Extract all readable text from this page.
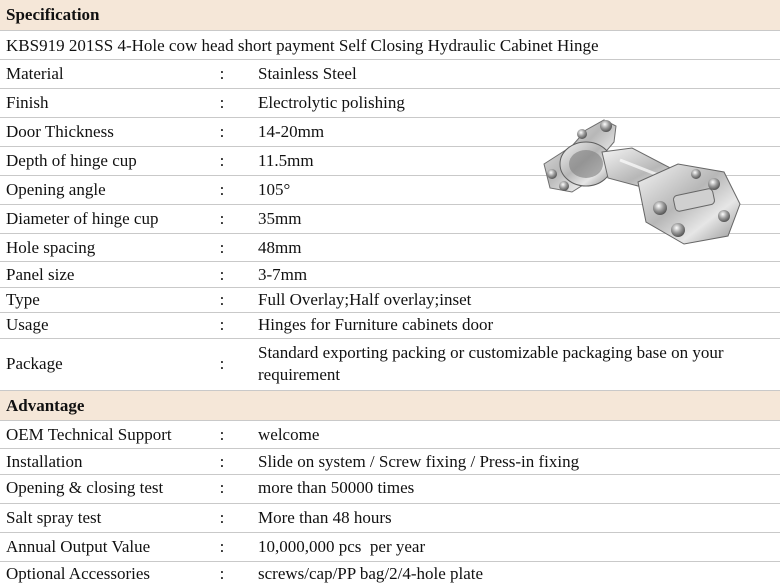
Specification
KBS919 201SS 4-Hole cow head short payment Self Closing Hydraulic Cabinet Hinge
Material	: Stainless Steel
Finish	: Electrolytic polishing
Door Thickness	: 14-20mm
Depth of hinge cup	: 11.5mm
Opening angle	: 105°
Diameter of hinge cup	: 35mm
Hole spacing	: 48mm
Panel size	: 3-7mm
Type	: Full Overlay;Half overlay;inset
Usage	: Hinges for Furniture cabinets door
Package	:
Standard exporting packing or customizable packaging base on your requirement
Advantage
OEM Technical Support	: welcome
Installation	: Slide on system / Screw fixing / Press-in fixing
Opening & closing test	: more than 50000 times
Salt spray test	: More than 48 hours
Annual Output Value	: 10,000,000 pcs  per year
Optional Accessories	: screws/cap/PP bag/2/4-hole plate
